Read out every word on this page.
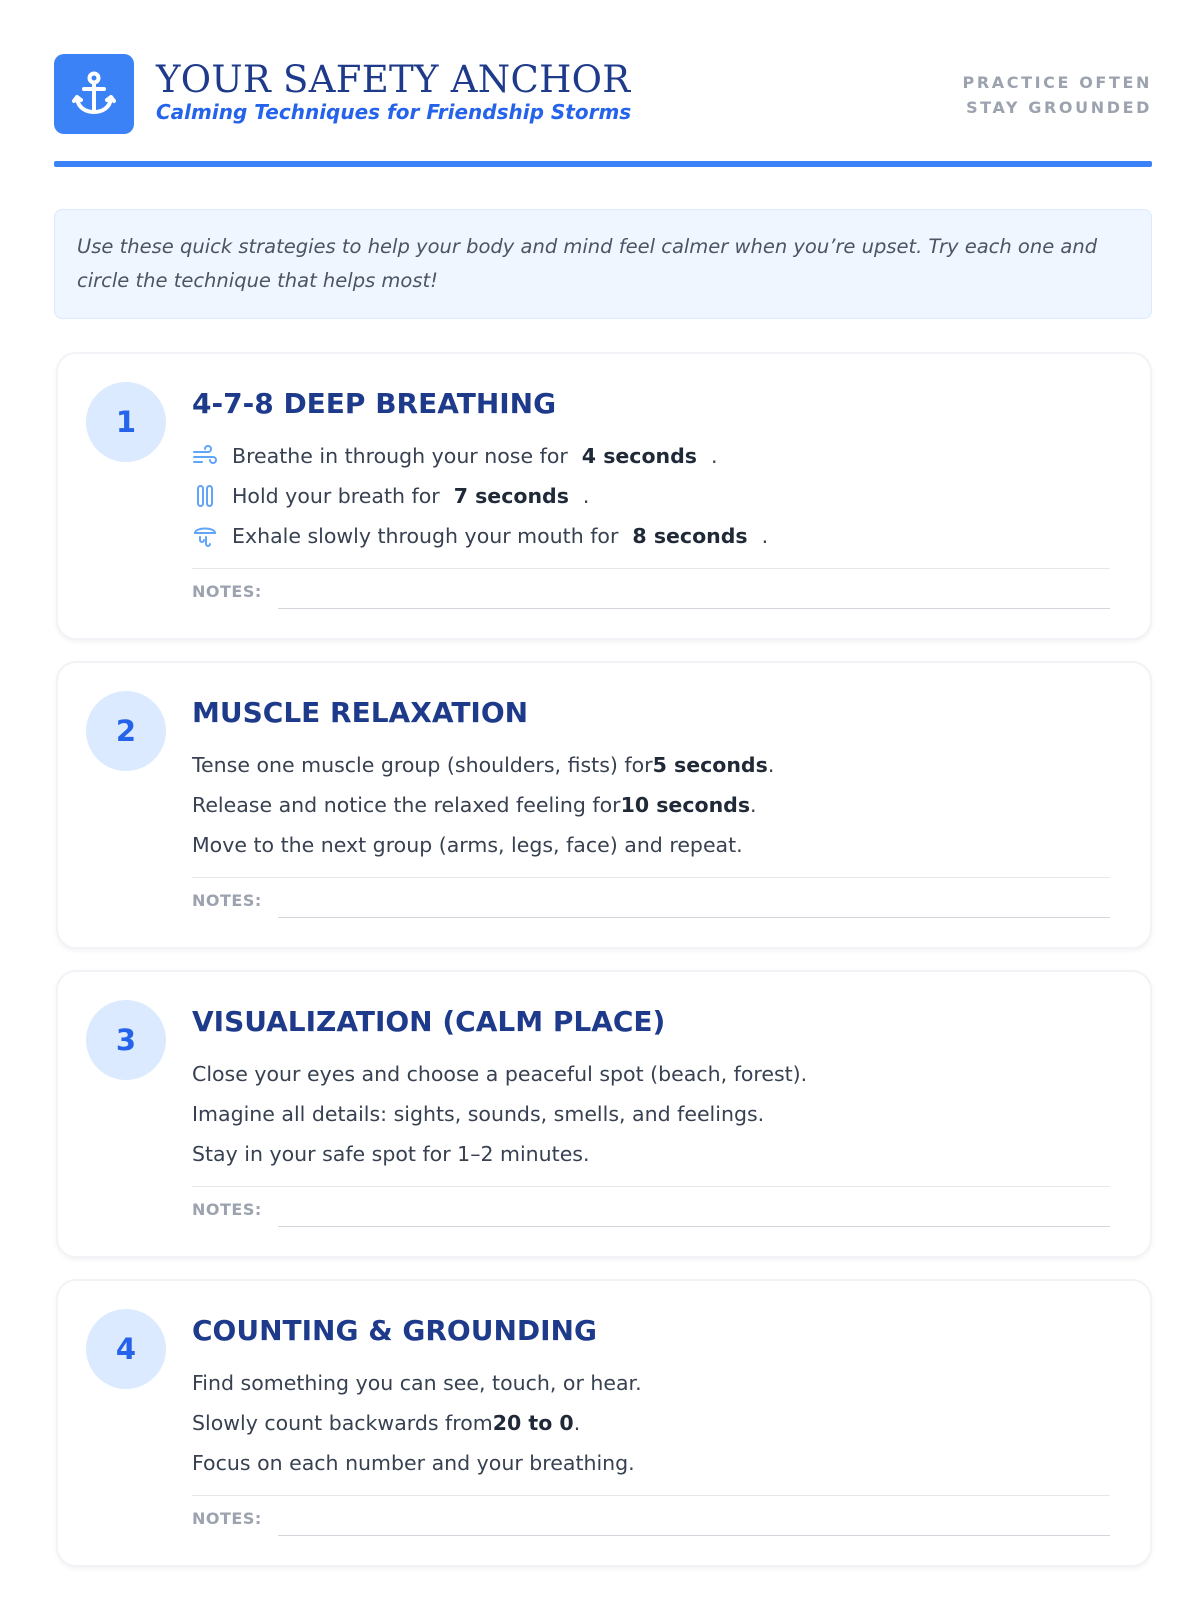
YOUR SAFETY ANCHOR
Calming Techniques for Friendship Storms
PRACTICE OFTEN
STAY GROUNDED
Use these quick strategies to help your body and mind feel calmer when you’re upset. Try each one and circle the technique that helps most!
1
4-7-8 DEEP BREATHING
Breathe in through your nose for 4 seconds .
Hold your breath for 7 seconds .
Exhale slowly through your mouth for 8 seconds .
NOTES:
2
MUSCLE RELAXATION
Tense one muscle group (shoulders, fists) for 5 seconds .
Release and notice the relaxed feeling for 10 seconds .
Move to the next group (arms, legs, face) and repeat.
NOTES:
3
VISUALIZATION (CALM PLACE)
Close your eyes and choose a peaceful spot (beach, forest).
Imagine all details: sights, sounds, smells, and feelings.
Stay in your safe spot for 1–2 minutes.
NOTES:
4
COUNTING & GROUNDING
Find something you can see, touch, or hear.
Slowly count backwards from 20 to 0 .
Focus on each number and your breathing.
NOTES:
